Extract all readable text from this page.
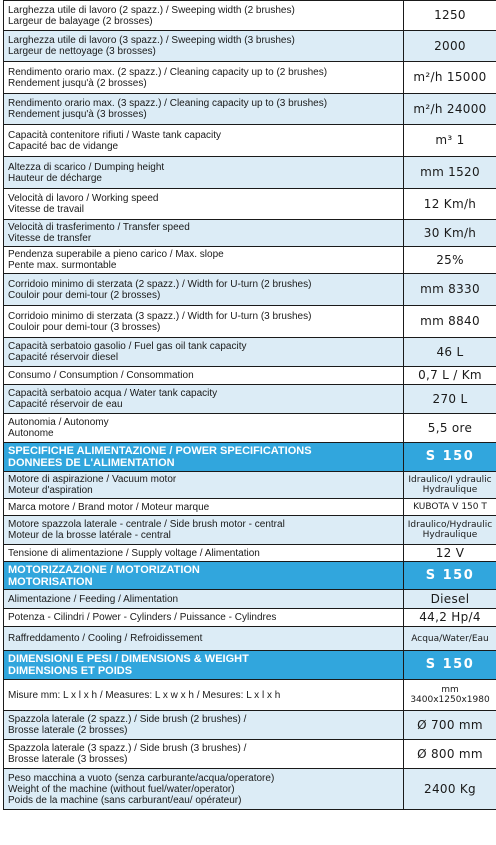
Larghezza utile di lavoro (2 spazz.) / Sweeping width (2 brushes)
Largeur de balayage (2 brosses)	1250

Larghezza utile di lavoro (3 spazz.) / Sweeping width (3 brushes)
Largeur de nettoyage (3 brosses)	2000

Rendimento orario max. (2 spazz.) / Cleaning capacity up to (2 brushes)
Rendement jusqu'à (2 brosses)	m²/h 15000

Rendimento orario max. (3 spazz.) / Cleaning capacity up to (3 brushes)
Rendement jusqu'à (3 brosses)	m²/h 24000

Capacità contenitore rifiuti / Waste tank capacity
Capacité bac de vidange	m³ 1

Altezza di scarico / Dumping height
Hauteur de décharge	mm 1520

Velocità di lavoro / Working speed
Vitesse de travail	12 Km/h

Velocità di trasferimento / Transfer speed
Vitesse de transfer	30 Km/h

Pendenza superabile a pieno carico / Max. slope
Pente max. surmontable	25%

Corridoio minimo di sterzata (2 spazz.) / Width for U-turn (2 brushes)
Couloir pour demi-tour (2 brosses)	mm 8330

Corridoio minimo di sterzata (3 spazz.) / Width for U-turn (3 brushes)
Couloir pour demi-tour (3 brosses)	mm 8840

Capacità serbatoio gasolio / Fuel gas oil tank capacity
Capacité réservoir diesel	46 L

Consumo / Consumption / Consommation	0,7 L / Km

Capacità serbatoio acqua / Water tank capacity
Capacité réservoir de eau	270 L

Autonomia / Autonomy
Autonome	5,5 ore

SPECIFICHE ALIMENTAZIONE / POWER SPECIFICATIONS
DONNEES DE L'ALIMENTATION	S 150

Motore di aspirazione / Vacuum motor
Moteur d'aspiration	Idraulico/I ydraulic Hydraulique

Marca motore / Brand motor / Moteur marque	KUBOTA V 150 T

Motore spazzola laterale - centrale / Side brush motor - central
Moteur de la brosse latérale - central	Idraulico/Hydraulic Hydraulique

Tensione di alimentazione / Supply voltage / Alimentation	12 V

MOTORIZZAZIONE / MOTORIZATION
MOTORISATION	S 150

Alimentazione / Feeding / Alimentation	Diesel

Potenza - Cilindri / Power - Cylinders / Puissance - Cylindres	44,2 Hp/4

Raffreddamento / Cooling / Refroidissement	Acqua/Water/Eau

DIMENSIONI E PESI / DIMENSIONS & WEIGHT
DIMENSIONS ET POIDS	S 150

Misure mm: L x l x h / Measures: L x w x h / Mesures: L x l x h	mm 3400x1250x1980

Spazzola laterale (2 spazz.) / Side brush (2 brushes) /
Brosse laterale (2 brosses)	Ø 700 mm

Spazzola laterale (3 spazz.) / Side brush (3 brushes) /
Brosse laterale (3 brosses)	Ø 800 mm

Peso macchina a vuoto (senza carburante/acqua/operatore)
Weight of the machine (without fuel/water/operator)
Poids de la machine (sans carburant/eau/ opérateur)	2400 Kg
